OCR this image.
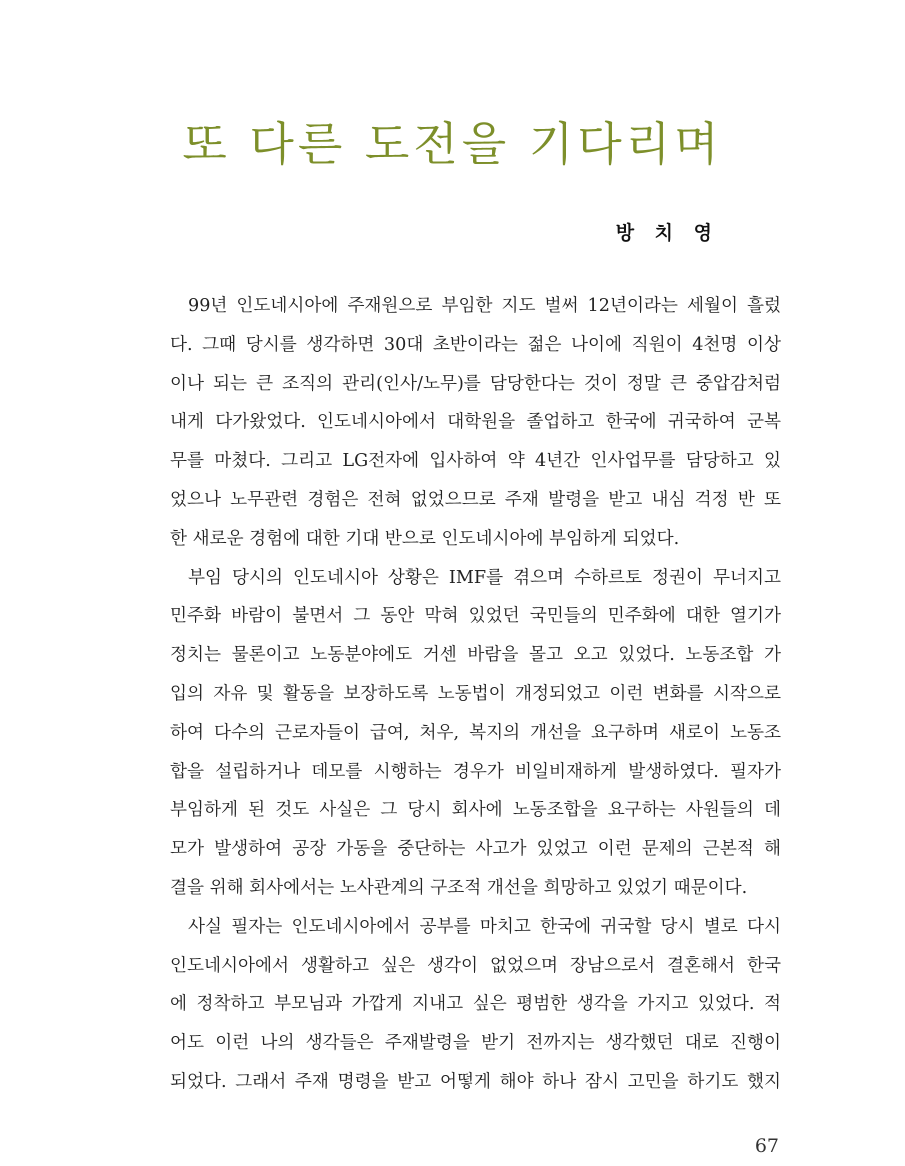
또 다른 도전을 기다리며

방 치 영

99년 인도네시아에 주재원으로 부임한 지도 벌써 12년이라는 세월이 흘렀
다. 그때 당시를 생각하면 30대 초반이라는 젊은 나이에 직원이 4천명 이상
이나 되는 큰 조직의 관리(인사/노무)를 담당한다는 것이 정말 큰 중압감처럼
내게 다가왔었다. 인도네시아에서 대학원을 졸업하고 한국에 귀국하여 군복
무를 마쳤다. 그리고 LG전자에 입사하여 약 4년간 인사업무를 담당하고 있
었으나 노무관련 경험은 전혀 없었으므로 주재 발령을 받고 내심 걱정 반 또
한 새로운 경험에 대한 기대 반으로 인도네시아에 부임하게 되었다.
부임 당시의 인도네시아 상황은 IMF를 겪으며 수하르토 정권이 무너지고
민주화 바람이 불면서 그 동안 막혀 있었던 국민들의 민주화에 대한 열기가
정치는 물론이고 노동분야에도 거센 바람을 몰고 오고 있었다. 노동조합 가
입의 자유 및 활동을 보장하도록 노동법이 개정되었고 이런 변화를 시작으로
하여 다수의 근로자들이 급여, 처우, 복지의 개선을 요구하며 새로이 노동조
합을 설립하거나 데모를 시행하는 경우가 비일비재하게 발생하였다. 필자가
부임하게 된 것도 사실은 그 당시 회사에 노동조합을 요구하는 사원들의 데
모가 발생하여 공장 가동을 중단하는 사고가 있었고 이런 문제의 근본적 해
결을 위해 회사에서는 노사관계의 구조적 개선을 희망하고 있었기 때문이다.
사실 필자는 인도네시아에서 공부를 마치고 한국에 귀국할 당시 별로 다시
인도네시아에서 생활하고 싶은 생각이 없었으며 장남으로서 결혼해서 한국
에 정착하고 부모님과 가깝게 지내고 싶은 평범한 생각을 가지고 있었다. 적
어도 이런 나의 생각들은 주재발령을 받기 전까지는 생각했던 대로 진행이
되었다. 그래서 주재 명령을 받고 어떻게 해야 하나 잠시 고민을 하기도 했지

67
